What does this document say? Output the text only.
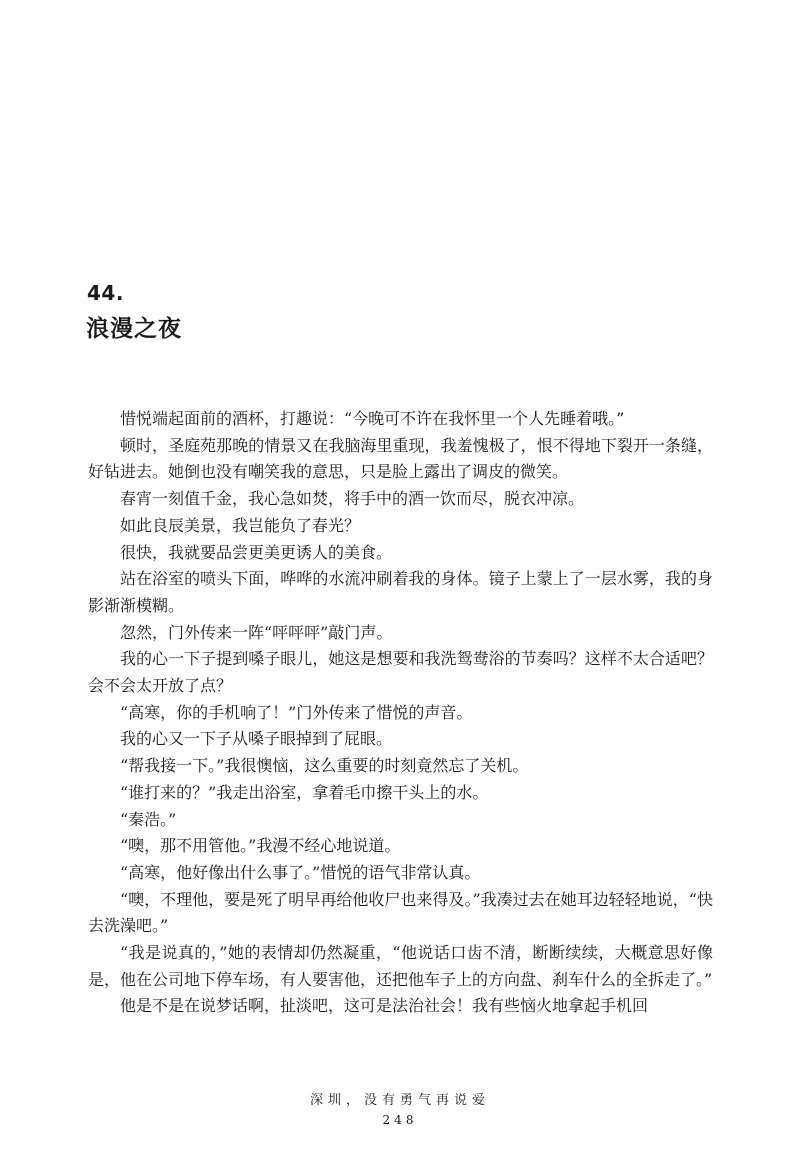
44.
浪漫之夜

惜悦端起面前的酒杯，打趣说：“今晚可不许在我怀里一个人先睡着哦。”

顿时，圣庭苑那晚的情景又在我脑海里重现，我羞愧极了，恨不得地下裂开一条缝，好钻进去。她倒也没有嘲笑我的意思，只是脸上露出了调皮的微笑。

春宵一刻值千金，我心急如焚，将手中的酒一饮而尽，脱衣冲凉。

如此良辰美景，我岂能负了春光？

很快，我就要品尝更美更诱人的美食。

站在浴室的喷头下面，哗哗的水流冲刷着我的身体。镜子上蒙上了一层水雾，我的身影渐渐模糊。

忽然，门外传来一阵“呯呯呯”敲门声。

我的心一下子提到嗓子眼儿，她这是想要和我洗鸳鸯浴的节奏吗？这样不太合适吧？会不会太开放了点？

“高寒，你的手机响了！”门外传来了惜悦的声音。

我的心又一下子从嗓子眼掉到了屁眼。

“帮我接一下。”我很懊恼，这么重要的时刻竟然忘了关机。

“谁打来的？”我走出浴室，拿着毛巾擦干头上的水。

“秦浩。”

“噢，那不用管他。”我漫不经心地说道。

“高寒，他好像出什么事了。”惜悦的语气非常认真。

“噢，不理他，要是死了明早再给他收尸也来得及。”我凑过去在她耳边轻轻地说，“快去洗澡吧。”

“我是说真的，”她的表情却仍然凝重，“他说话口齿不清，断断续续，大概意思好像是，他在公司地下停车场，有人要害他，还把他车子上的方向盘、刹车什么的全拆走了。”

他是不是在说梦话啊，扯淡吧，这可是法治社会！我有些恼火地拿起手机回

深圳，没有勇气再说爱
248
